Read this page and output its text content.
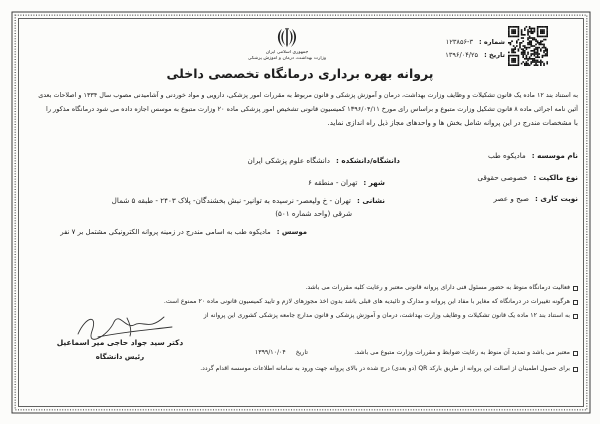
شماره :۳-۱۲۳۸۵۶
تاریخ :۱۳۹۶/۰۴/۲۵
جمهوری اسلامی ایران
وزارت بهداشت، درمان و آموزش پزشکی
پروانه بهره برداری درمانگاه تخصصی داخلی
به استناد بند ۱۲ ماده یک قانون تشکیلات و وظایف وزارت بهداشت، درمان و آموزش پزشکی و قانون مربوط به مقررات امور پزشکی، دارویی و مواد خوردنی و آشامیدنی مصوب سال ۱۳۳۴ و اصلاحات بعدی
آئین نامه اجرائی ماده ۸ قانون تشکیل وزارت متبوع و براساس رای مورخ ۱۳۹۶/۰۴/۱۱ کمیسیون قانونی تشخیص امور پزشکی ماده ۲۰ وزارت متبوع به موسس اجازه داده می شود درمانگاه مذکور را
با مشخصات مندرج در این پروانه شامل بخش ها و واحدهای مجاز ذیل راه اندازی نماید.
نام موسسه :مادیکوه طب
نوع مالکیت :خصوصی حقوقی
نوبت کاری :صبح و عصر
دانشگاه/دانشکده :دانشگاه علوم پزشکی ایران
شهر :تهران - منطقه ۶
نشانی :تهران - خ ولیعصر- نرسیده به توانیر- نبش بخشندگان- پلاک ۲۴۰۳ - طبقه ۵ شمال
شرقی (واحد شماره ۵۰۱)
موسس :مادیکوه طب به اسامی مندرج در زمینه پروانه الکترونیکی مشتمل بر ۷ نفر
فعالیت درمانگاه منوط به حضور مسئول فنی دارای پروانه قانونی معتبر و رعایت کلیه مقررات می باشد.
هرگونه تغییرات در درمانگاه که مغایر با مفاد این پروانه و مدارک و تائیدیه های قبلی باشد بدون اخذ مجوزهای لازم و تایید کمیسیون قانونی ماده ۲۰ ممنوع است.
به استناد بند ۱۲ ماده یک قانون تشکیلات و وظایف وزارت بهداشت، درمان و آموزش پزشکی و قانون مدارج جامعه پزشکی کشوری این پروانه از
معتبر می باشد و تمدید آن منوط به رعایت ضوابط و مقررات وزارت متبوع می باشد.
تاریخ۱۳۹۹/۱۰/۰۴
برای حصول اطمینان از اصالت این پروانه از طریق بارکد QR (دو بعدی) درج شده در بالای پروانه جهت ورود به سامانه اطلاعات موسسه اقدام گردد.
دکتر سید جواد حاجی میر اسماعیل
رئیس دانشگاه
